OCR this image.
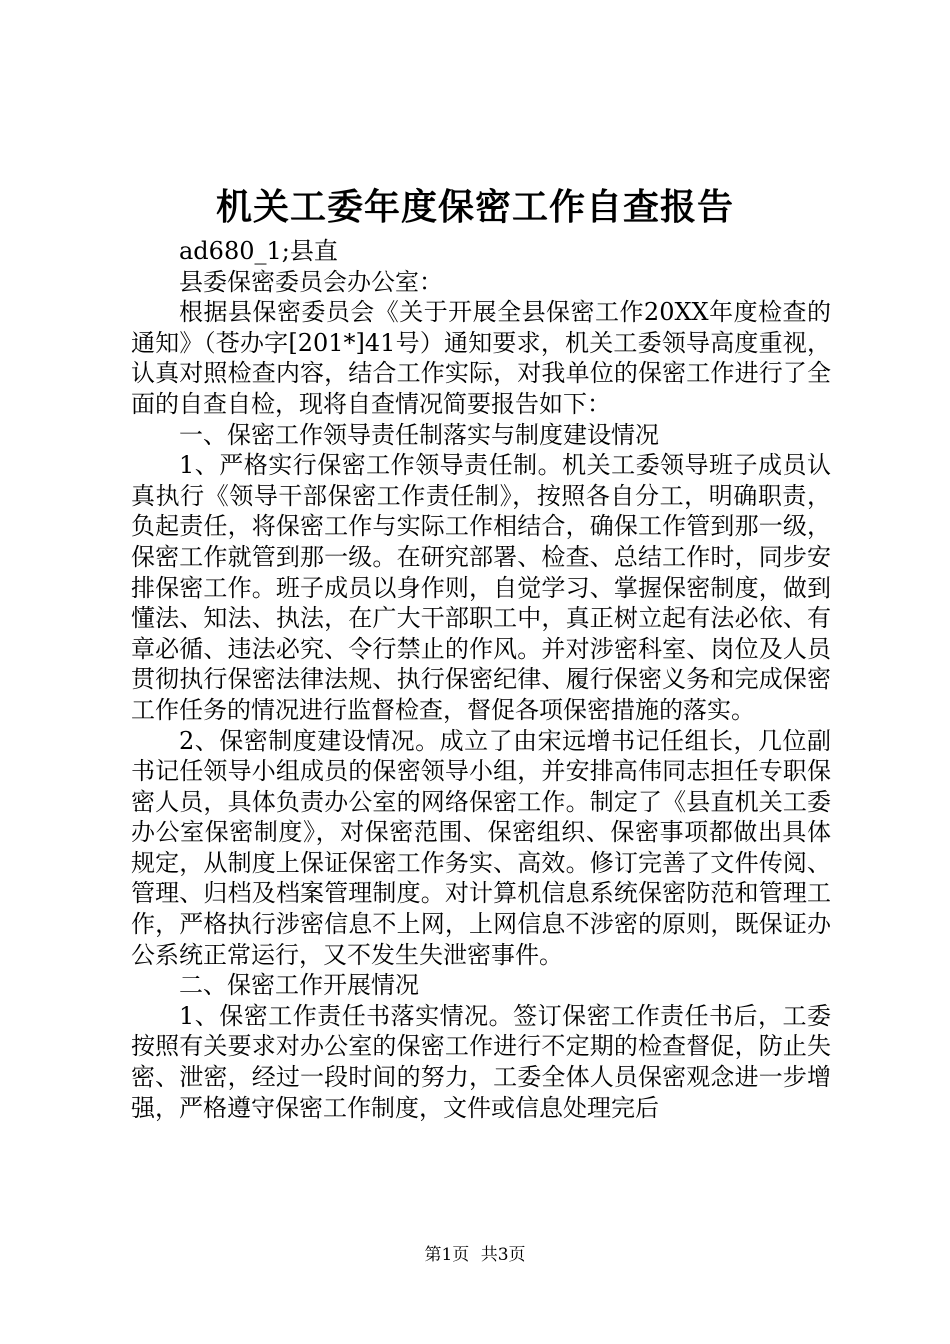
机关工委年度保密工作自查报告

ad680_1;县直

县委保密委员会办公室：

根据县保密委员会《关于开展全县保密工作20XX年度检查的通知》（苍办字[201*]41号）通知要求，机关工委领导高度重视，认真对照检查内容，结合工作实际，对我单位的保密工作进行了全面的自查自检，现将自查情况简要报告如下：

一、保密工作领导责任制落实与制度建设情况

1、严格实行保密工作领导责任制。机关工委领导班子成员认真执行《领导干部保密工作责任制》，按照各自分工，明确职责，负起责任，将保密工作与实际工作相结合，确保工作管到那一级，保密工作就管到那一级。在研究部署、检查、总结工作时，同步安排保密工作。班子成员以身作则，自觉学习、掌握保密制度，做到懂法、知法、执法，在广大干部职工中，真正树立起有法必依、有章必循、违法必究、令行禁止的作风。并对涉密科室、岗位及人员贯彻执行保密法律法规、执行保密纪律、履行保密义务和完成保密工作任务的情况进行监督检查，督促各项保密措施的落实。

2、保密制度建设情况。成立了由宋远增书记任组长，几位副书记任领导小组成员的保密领导小组，并安排高伟同志担任专职保密人员，具体负责办公室的网络保密工作。制定了《县直机关工委办公室保密制度》，对保密范围、保密组织、保密事项都做出具体规定，从制度上保证保密工作务实、高效。修订完善了文件传阅、管理、归档及档案管理制度。对计算机信息系统保密防范和管理工作，严格执行涉密信息不上网，上网信息不涉密的原则，既保证办公系统正常运行，又不发生失泄密事件。

二、保密工作开展情况

1、保密工作责任书落实情况。签订保密工作责任书后，工委按照有关要求对办公室的保密工作进行不定期的检查督促，防止失密、泄密，经过一段时间的努力，工委全体人员保密观念进一步增强，严格遵守保密工作制度，文件或信息处理完后

第1页 共3页
